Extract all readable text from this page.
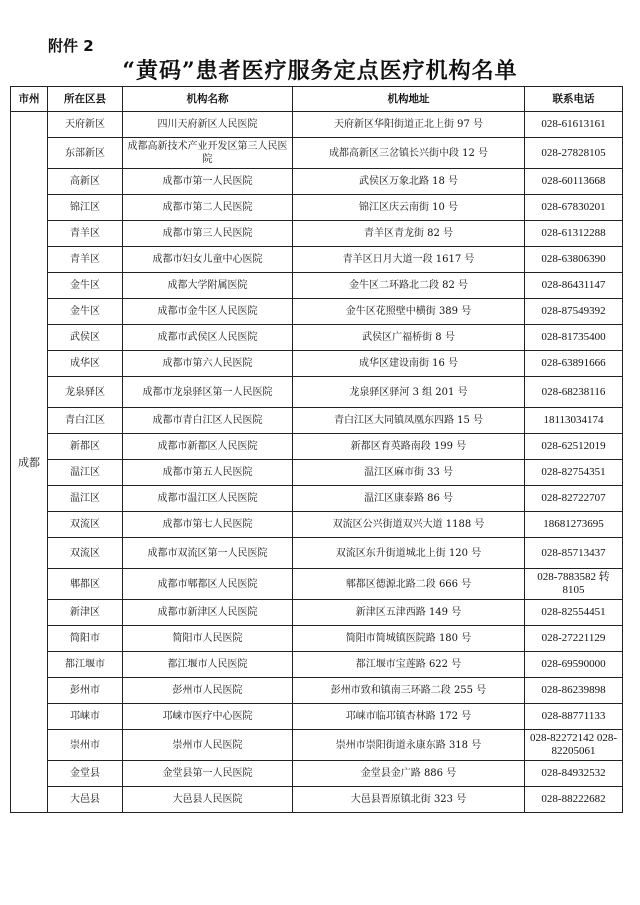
附件 2
“黄码”患者医疗服务定点医疗机构名单
市州	所在区县	机构名称	机构地址	联系电话
成都	天府新区	四川天府新区人民医院	天府新区华阳街道正北上街 97 号	028-61613161
	东部新区	成都高新技术产业开发区第三人民医院	成都高新区三岔镇长兴街中段 12 号	028-27828105
	高新区	成都市第一人民医院	武侯区万象北路 18 号	028-60113668
	锦江区	成都市第二人民医院	锦江区庆云南街 10 号	028-67830201
	青羊区	成都市第三人民医院	青羊区青龙街 82 号	028-61312288
	青羊区	成都市妇女儿童中心医院	青羊区日月大道一段 1617 号	028-63806390
	金牛区	成都大学附属医院	金牛区二环路北二段 82 号	028-86431147
	金牛区	成都市金牛区人民医院	金牛区花照壁中横街 389 号	028-87549392
	武侯区	成都市武侯区人民医院	武侯区广福桥街 8 号	028-81735400
	成华区	成都市第六人民医院	成华区建设南街 16 号	028-63891666
	龙泉驿区	成都市龙泉驿区第一人民医院	龙泉驿区驿河 3 组 201 号	028-68238116
	青白江区	成都市青白江区人民医院	青白江区大同镇凤凰东四路 15 号	18113034174
	新都区	成都市新都区人民医院	新都区育英路南段 199 号	028-62512019
	温江区	成都市第五人民医院	温江区麻市街 33 号	028-82754351
	温江区	成都市温江区人民医院	温江区康泰路 86 号	028-82722707
	双流区	成都市第七人民医院	双流区公兴街道双兴大道 1188 号	18681273695
	双流区	成都市双流区第一人民医院	双流区东升街道城北上街 120 号	028-85713437
	郫都区	成都市郫都区人民医院	郫都区德源北路二段 666 号	028-7883582 转 8105
	新津区	成都市新津区人民医院	新津区五津西路 149 号	028-82554451
	简阳市	简阳市人民医院	简阳市简城镇医院路 180 号	028-27221129
	都江堰市	都江堰市人民医院	都江堰市宝莲路 622 号	028-69590000
	彭州市	彭州市人民医院	彭州市致和镇南三环路二段 255 号	028-86239898
	邛崃市	邛崃市医疗中心医院	邛崃市临邛镇杏林路 172 号	028-88771133
	崇州市	崇州市人民医院	崇州市崇阳街道永康东路 318 号	028-82272142 028-82205061
	金堂县	金堂县第一人民医院	金堂县金广路 886 号	028-84932532
	大邑县	大邑县人民医院	大邑县晋原镇北街 323 号	028-88222682
